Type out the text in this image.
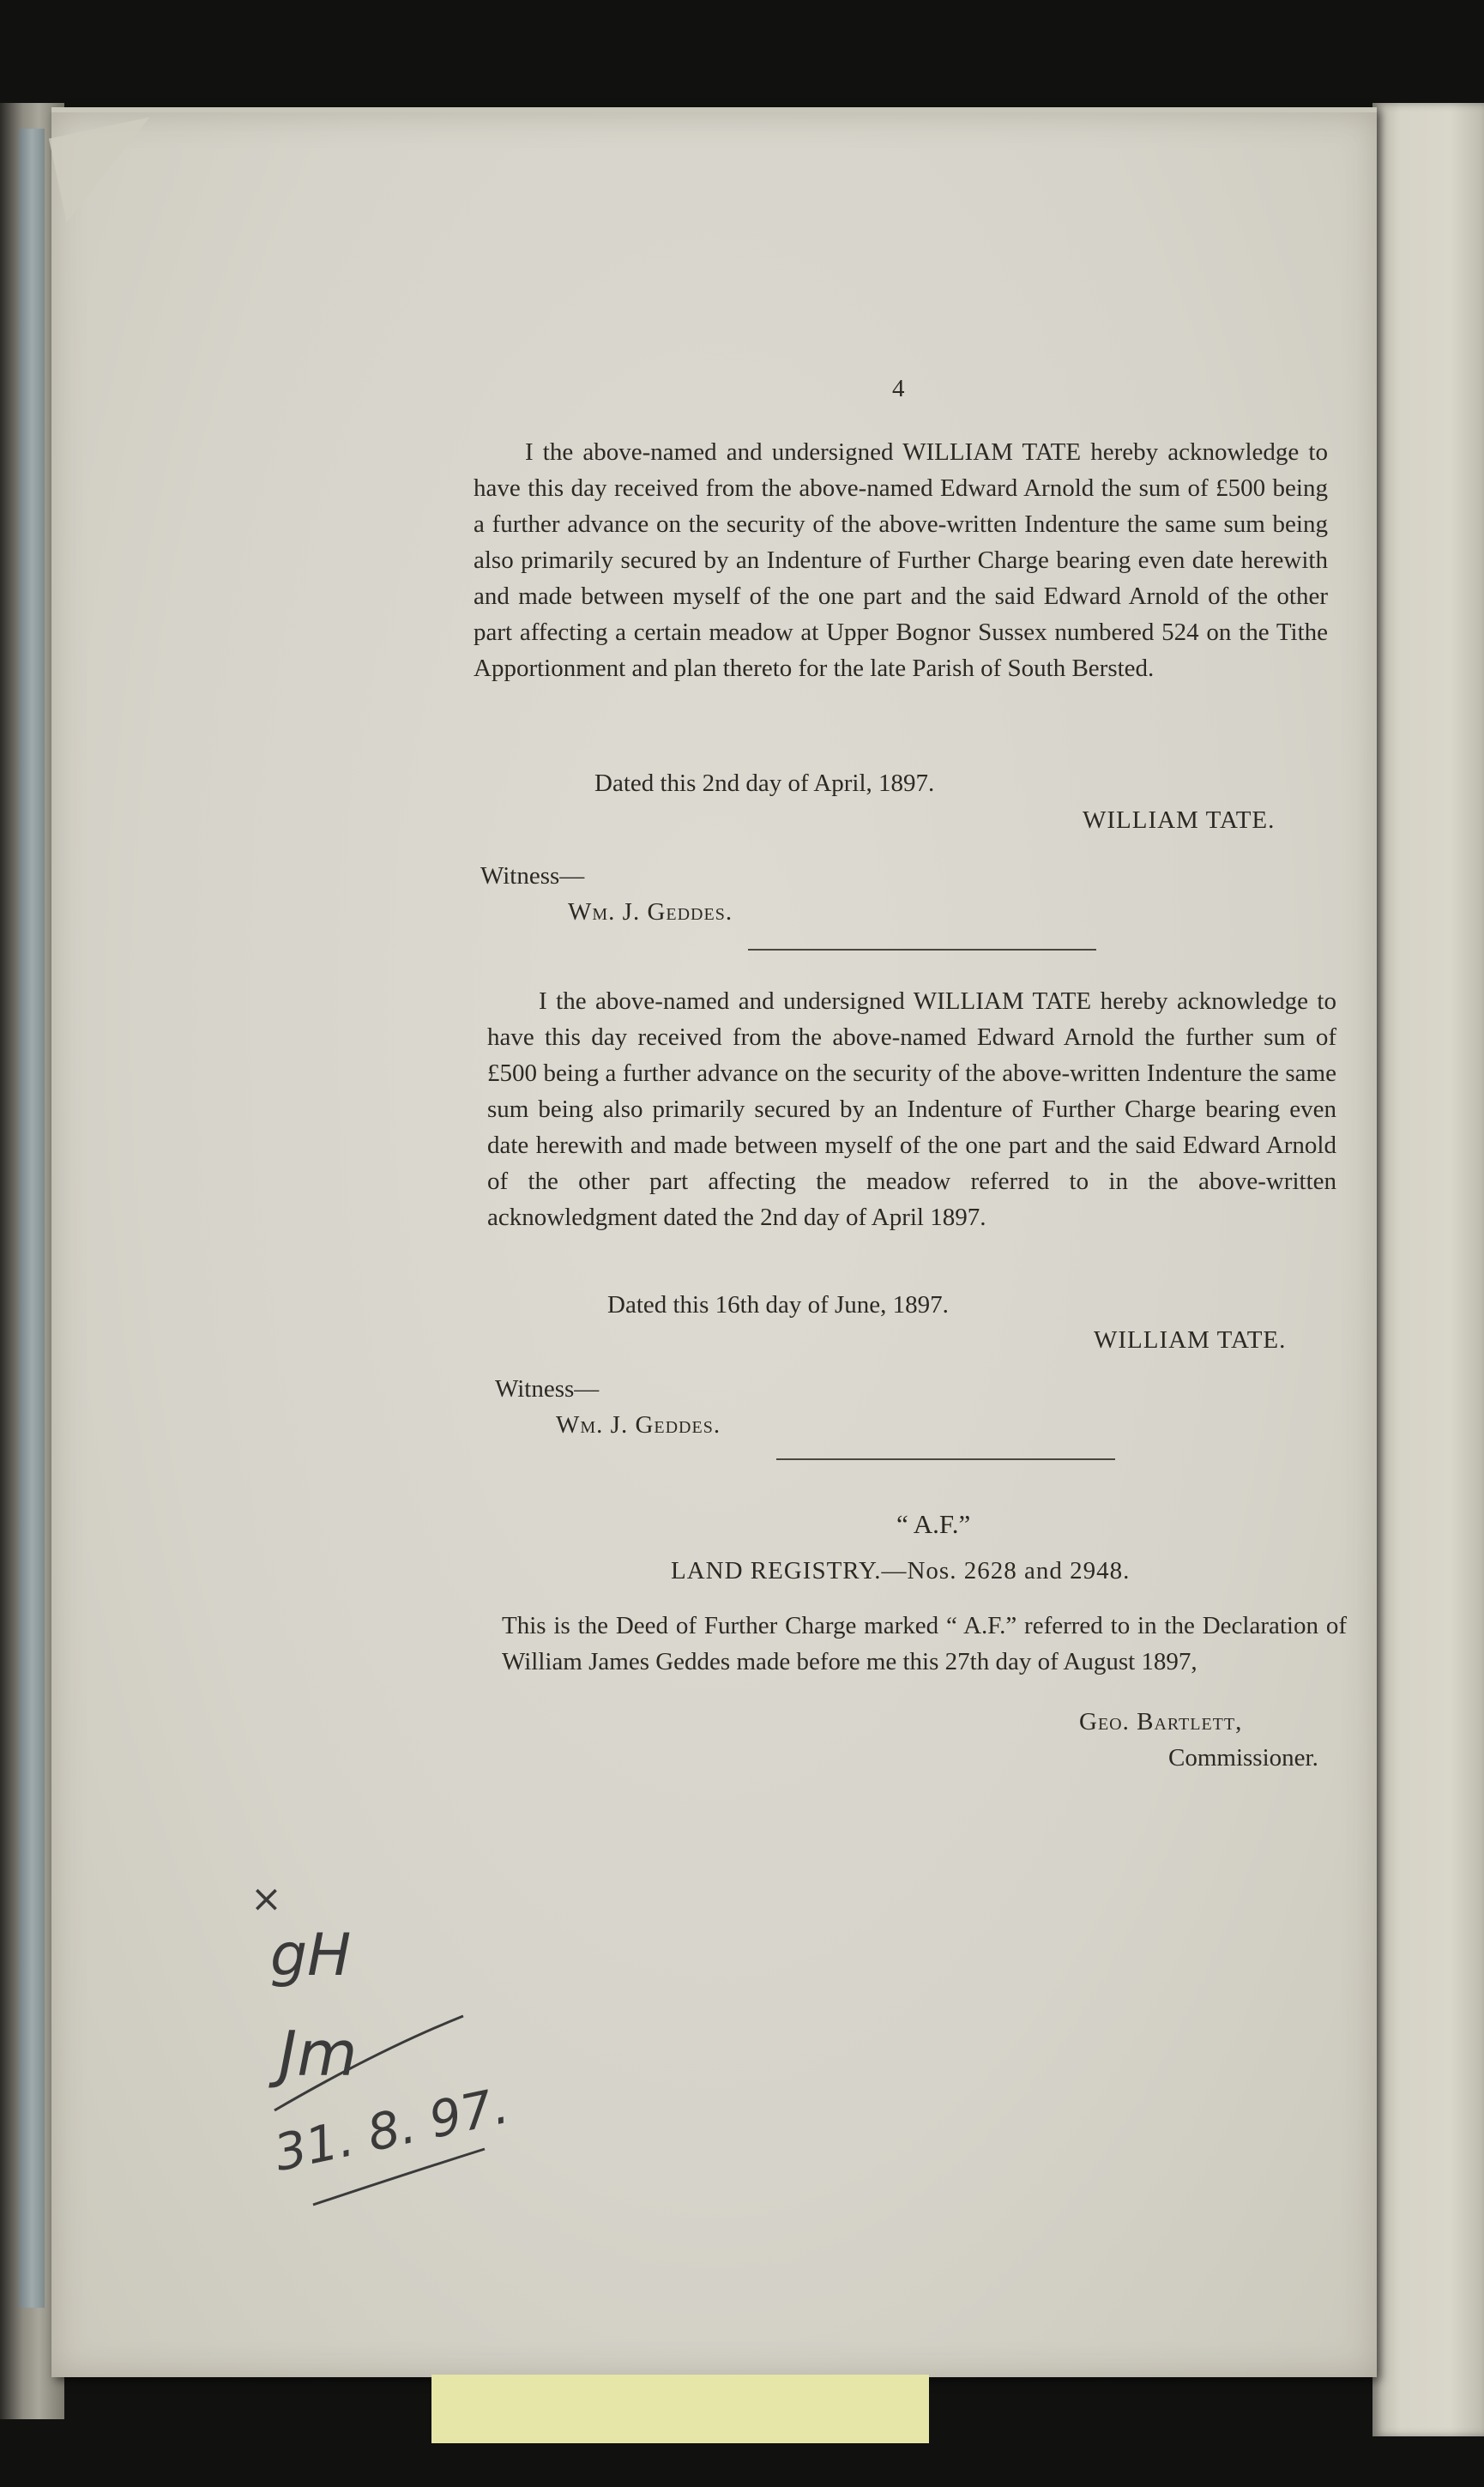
4
I the above-named and undersigned WILLIAM TATE hereby acknowledge to have this day received from the above-named Edward Arnold the sum of £500 being a further advance on the security of the above-written Indenture the same sum being also primarily secured by an Indenture of Further Charge bearing even date herewith and made between myself of the one part and the said Edward Arnold of the other part affecting a certain meadow at Upper Bognor Sussex numbered 524 on the Tithe Apportionment and plan thereto for the late Parish of South Bersted.
Dated this 2nd day of April, 1897.
WILLIAM TATE.
Witness—
Wm. J. Geddes.
I the above-named and undersigned WILLIAM TATE hereby acknowledge to have this day received from the above-named Edward Arnold the further sum of £500 being a further advance on the security of the above-written Indenture the same sum being also primarily secured by an Indenture of Further Charge bearing even date herewith and made between myself of the one part and the said Edward Arnold of the other part affecting the meadow referred to in the above-written acknowledgment dated the 2nd day of April 1897.
Dated this 16th day of June, 1897.
WILLIAM TATE.
Witness—
Wm. J. Geddes.
“ A.F.”
LAND REGISTRY.—Nos. 2628 and 2948.
This is the Deed of Further Charge marked “ A.F.” referred to in the Declaration of William James Geddes made before me this 27th day of August 1897,
Geo. Bartlett,
Commissioner.
×
gH
Jm
31. 8. 97.
